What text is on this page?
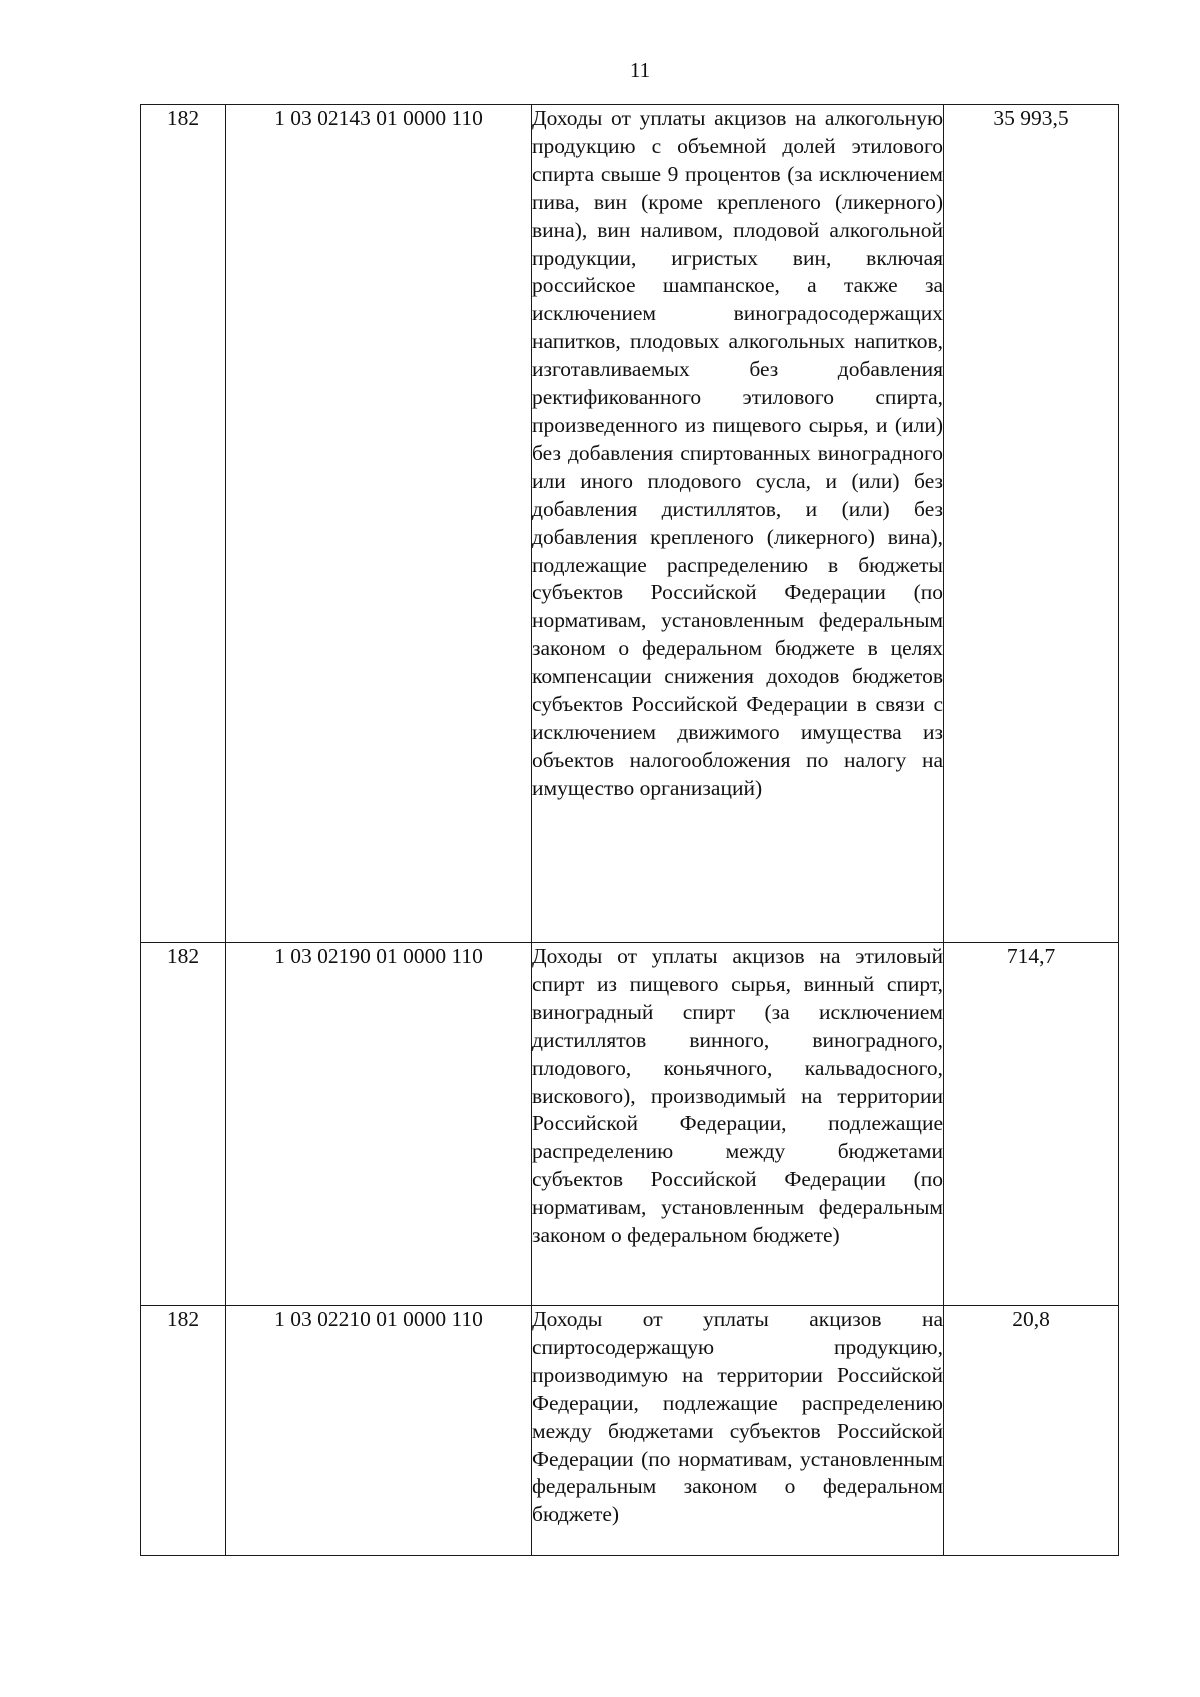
11
182	1 03 02143 01 0000 110	Доходы от уплаты акцизов на алкогольную продукцию с объемной долей этилового спирта свыше 9 процентов (за исключением пива, вин (кроме крепленого (ликерного) вина), вин наливом, плодовой алкогольной продукции, игристых вин, включая российское шампанское, а также за исключением виноградосодержащих напитков, плодовых алкогольных напитков, изготавливаемых без добавления ректификованного этилового спирта, произведенного из пищевого сырья, и (или) без добавления спиртованных виноградного или иного плодового сусла, и (или) без добавления дистиллятов, и (или) без добавления крепленого (ликерного) вина), подлежащие распределению в бюджеты субъектов Российской Федерации (по нормативам, установленным федеральным законом о федеральном бюджете в целях компенсации снижения доходов бюджетов субъектов Российской Федерации в связи с исключением движимого имущества из объектов налогообложения по налогу на имущество организаций)	35 993,5
182	1 03 02190 01 0000 110	Доходы от уплаты акцизов на этиловый спирт из пищевого сырья, винный спирт, виноградный спирт (за исключением дистиллятов винного, виноградного, плодового, коньячного, кальвадосного, вискового), производимый на территории Российской Федерации, подлежащие распределению между бюджетами субъектов Российской Федерации (по нормативам, установленным федеральным законом о федеральном бюджете)	714,7
182	1 03 02210 01 0000 110	Доходы от уплаты акцизов на спиртосодержащую продукцию, производимую на территории Российской Федерации, подлежащие распределению между бюджетами субъектов Российской Федерации (по нормативам, установленным федеральным законом о федеральном бюджете)	20,8
